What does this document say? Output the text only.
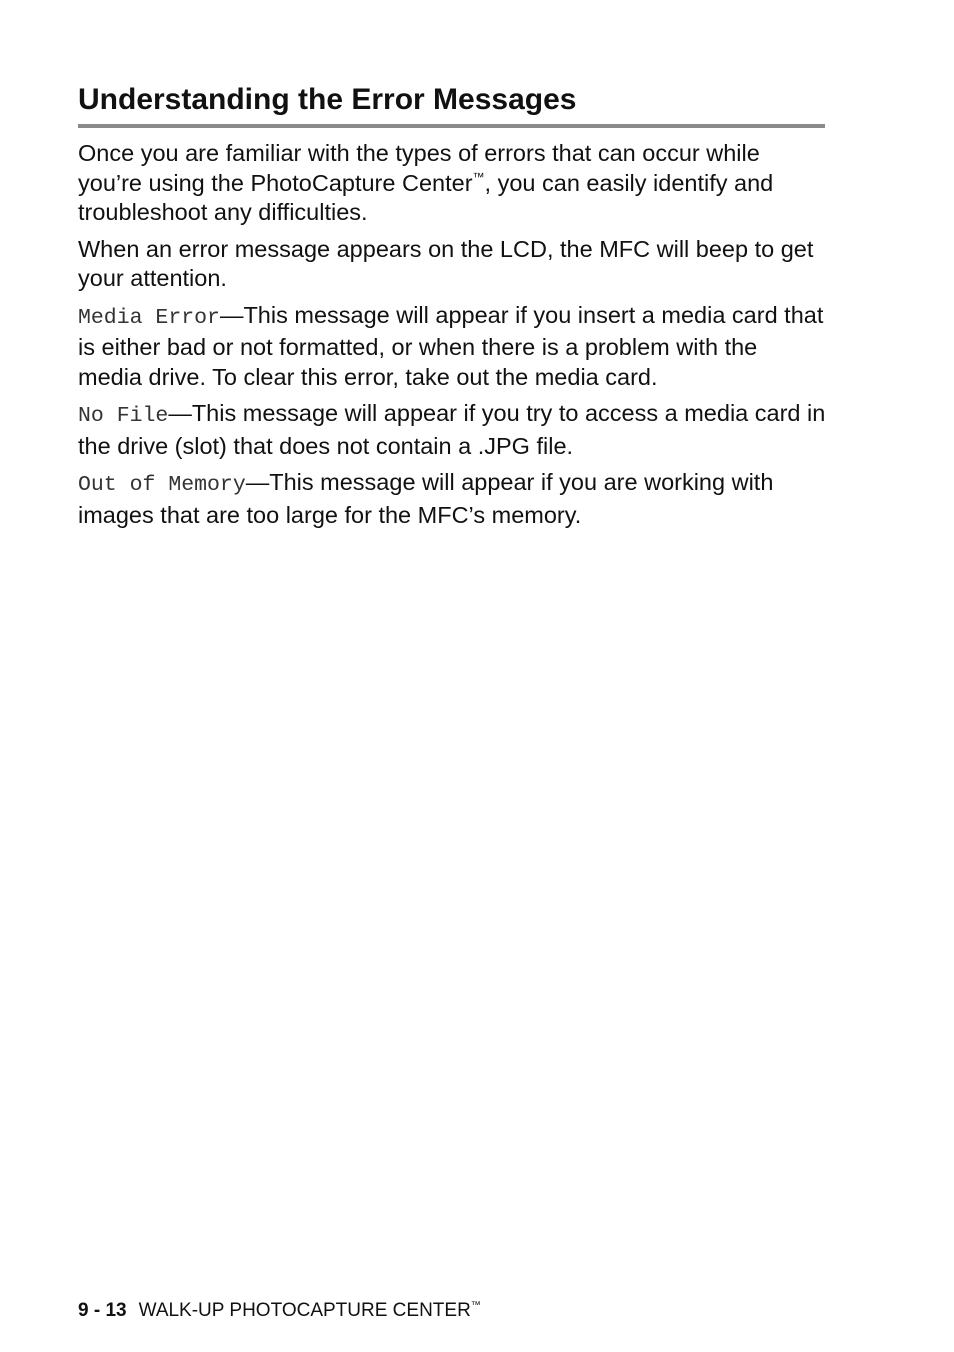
Understanding the Error Messages

Once you are familiar with the types of errors that can occur while you’re using the PhotoCapture Center™, you can easily identify and troubleshoot any difficulties.

When an error message appears on the LCD, the MFC will beep to get your attention.

Media Error—This message will appear if you insert a media card that is either bad or not formatted, or when there is a problem with the media drive. To clear this error, take out the media card.

No File—This message will appear if you try to access a media card in the drive (slot) that does not contain a .JPG file.

Out of Memory—This message will appear if you are working with images that are too large for the MFC’s memory.

9 - 13 WALK-UP PHOTOCAPTURE CENTER™
